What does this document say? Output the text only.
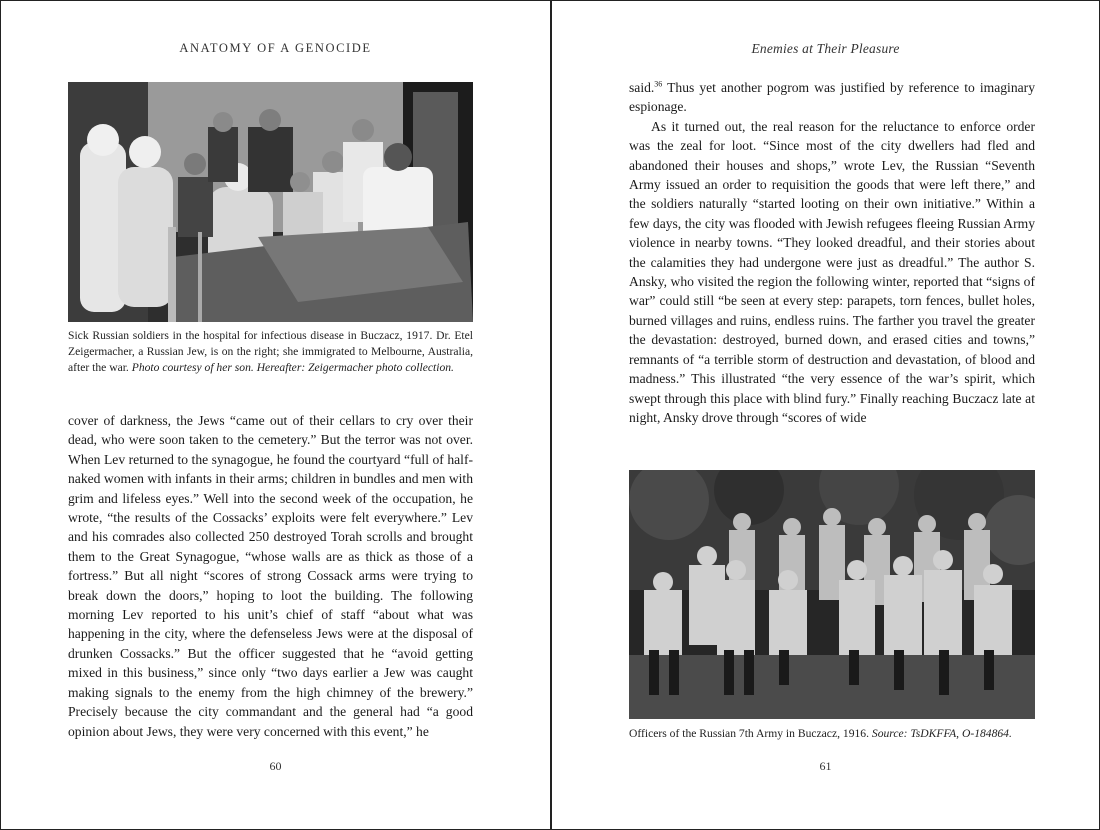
ANATOMY OF A GENOCIDE
Sick Russian soldiers in the hospital for infectious disease in Buczacz, 1917. Dr. Etel Zeigermacher, a Russian Jew, is on the right; she immigrated to Melbourne, Australia, after the war. Photo courtesy of her son. Hereafter: Zeigermacher photo collection.

cover of darkness, the Jews “came out of their cellars to cry over their dead, who were soon taken to the cemetery.” But the terror was not over. When Lev returned to the synagogue, he found the courtyard “full of half-naked women with infants in their arms; children in bundles and men with grim and lifeless eyes.” Well into the second week of the occupation, he wrote, “the results of the Cossacks’ exploits were felt everywhere.” Lev and his comrades also collected 250 destroyed Torah scrolls and brought them to the Great Synagogue, “whose walls are as thick as those of a fortress.” But all night “scores of strong Cossack arms were trying to break down the doors,” hoping to loot the building. The following morning Lev reported to his unit’s chief of staff “about what was happening in the city, where the defenseless Jews were at the disposal of drunken Cossacks.” But the officer suggested that he “avoid getting mixed in this business,” since only “two days earlier a Jew was caught making signals to the enemy from the high chimney of the brewery.” Precisely because the city commandant and the general had “a good opinion about Jews, they were very concerned with this event,” he

60
Enemies at Their Pleasure

said.$^{36}$ Thus yet another pogrom was justified by reference to imaginary espionage.

As it turned out, the real reason for the reluctance to enforce order was the zeal for loot. “Since most of the city dwellers had fled and abandoned their houses and shops,” wrote Lev, the Russian “Seventh Army issued an order to requisition the goods that were left there,” and the soldiers naturally “started looting on their own initiative.” Within a few days, the city was flooded with Jewish refugees fleeing Russian Army violence in nearby towns. “They looked dreadful, and their stories about the calamities they had undergone were just as dreadful.” The author S. Ansky, who visited the region the following winter, reported that “signs of war” could still “be seen at every step: parapets, torn fences, bullet holes, burned villages and ruins, endless ruins. The farther you travel the greater the devastation: destroyed, burned down, and erased cities and towns,” remnants of “a terrible storm of destruction and devastation, of blood and madness.” This illustrated “the very essence of the war’s spirit, which swept through this place with blind fury.” Finally reaching Buczacz late at night, Ansky drove through “scores of wide

Officers of the Russian 7th Army in Buczacz, 1916. Source: TsDKFFA, O-184864.
61
